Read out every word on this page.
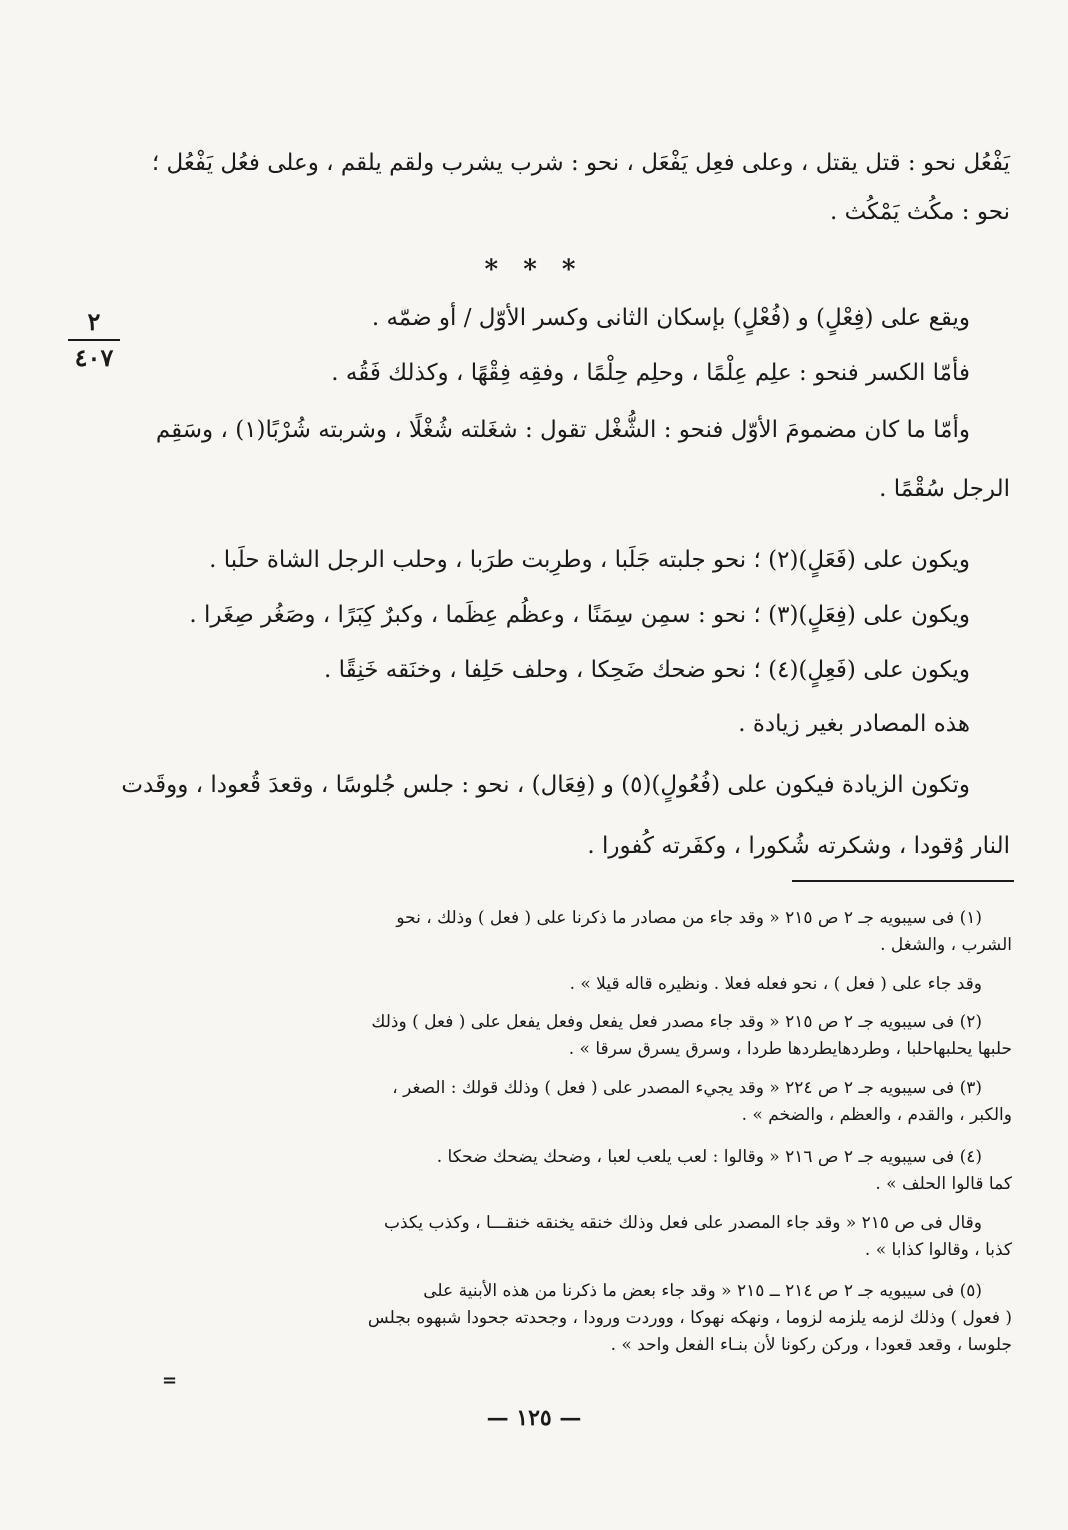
يَفْعُل نحو : قتل يقتل ، وعلى فعِل يَفْعَل ، نحو : شرب يشرب ولقم يلقم ، وعلى فعُل يَفْعُل ؛
نحو : مكُث يَمْكُث .
ويقع على (فِعْلٍ) و (فُعْلٍ) بإسكان الثانى وكسر الأوّل / أو ضمّه .
فأمّا الكسر فنحو : علِم عِلْمًا ، وحلِم حِلْمًا ، وفقِه فِقْهًا ، وكذلك فَقُه .
وأمّا ما كان مضمومَ الأوّل فنحو : الشُّغْل تقول : شغَلته شُغْلًا ، وشربته شُرْبًا(١) ، وسَقِم
الرجل سُقْمًا .
ويكون على (فَعَلٍ)(٢) ؛ نحو جلبته جَلَبا ، وطرِبت طرَبا ، وحلب الرجل الشاة حلَبا .
ويكون على (فِعَلٍ)(٣) ؛ نحو : سمِن سِمَنًا ، وعظُم عِظَما ، وكبرٌ كِبَرًا ، وصَغُر صِغَرا .
ويكون على (فَعِلٍ)(٤) ؛ نحو ضحك ضَحِكا ، وحلف حَلِفا ، وخنَقه خَنِقًا .
هذه المصادر بغير زيادة .
وتكون الزيادة فيكون على (فُعُولٍ)(٥) و (فِعَال) ، نحو : جلس جُلوسًا ، وقعدَ قُعودا ، ووقَدت
النار وُقودا ، وشكرته شُكورا ، وكفَرته كُفورا .
* * *
٢
٤٠٧
(١) فى سيبويه جـ ٢ ص ٢١٥ « وقد جاء من مصادر ما ذكرنا على ( فعل ) وذلك ، نحو
الشرب ، والشغل .
وقد جاء على ( فعل ) ، نحو فعله فعلا . ونظيره قاله قيلا » .
(٢) فى سيبويه جـ ٢ ص ٢١٥ « وقد جاء مصدر فعل يفعل وفعل يفعل على ( فعل ) وذلك
حلبها يحلبهاحلبا ، وطردهايطردها طردا ، وسرق يسرق سرقا » .
(٣) فى سيبويه جـ ٢ ص ٢٢٤ « وقد يجيء المصدر على ( فعل ) وذلك قولك : الصغر ،
والكبر ، والقدم ، والعظم ، والضخم » .
(٤) فى سيبويه جـ ٢ ص ٢١٦ « وقالوا : لعب يلعب لعبا ، وضحك يضحك ضحكا .
كما قالوا الحلف » .
وقال فى ص ٢١٥ « وقد جاء المصدر على فعل وذلك خنقه يخنقه خنقـــا ، وكذب يكذب
كذبا ، وقالوا كذابا » .
(٥) فى سيبويه جـ ٢ ص ٢١٤ ــ ٢١٥ « وقد جاء بعض ما ذكرنا من هذه الأبنية على
( فعول ) وذلك لزمه يلزمه لزوما ، ونهكه نهوكا ، ووردت ورودا ، وجحدته جحودا شبهوه بجلس
جلوسا ، وقعد قعودا ، وركن ركونا لأن بنـاء الفعل واحد » .
=
— ١٢٥ —
